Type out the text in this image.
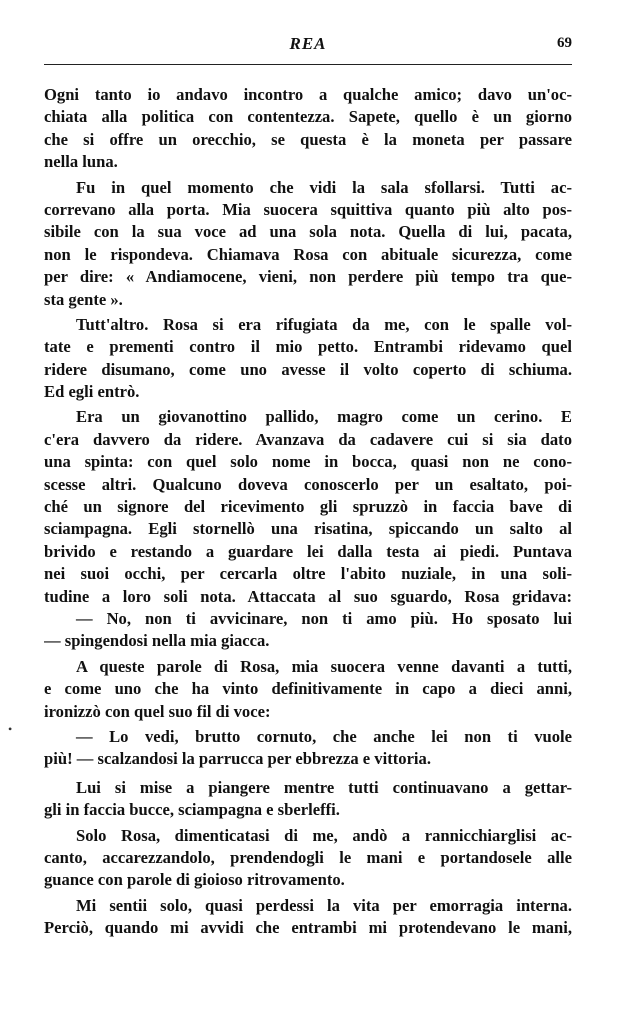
REA	69
Ogni tanto io andavo incontro a qualche amico; davo un'oc-
chiata alla politica con contentezza. Sapete, quello è un giorno
che si offre un orecchio, se questa è la moneta per passare
nella luna.
Fu in quel momento che vidi la sala sfollarsi. Tutti ac-
correvano alla porta. Mia suocera squittiva quanto più alto pos-
sibile con la sua voce ad una sola nota. Quella di lui, pacata,
non le rispondeva. Chiamava Rosa con abituale sicurezza, come
per dire: « Andiamocene, vieni, non perdere più tempo tra que-
sta gente ».
Tutt'altro. Rosa si era rifugiata da me, con le spalle vol-
tate e prementi contro il mio petto. Entrambi ridevamo quel
ridere disumano, come uno avesse il volto coperto di schiuma.
Ed egli entrò.
Era un giovanottino pallido, magro come un cerino. E
c'era davvero da ridere. Avanzava da cadavere cui si sia dato
una spinta: con quel solo nome in bocca, quasi non ne cono-
scesse altri. Qualcuno doveva conoscerlo per un esaltato, poi-
ché un signore del ricevimento gli spruzzò in faccia bave di
sciampagna. Egli stornellò una risatina, spiccando un salto al
brivido e restando a guardare lei dalla testa ai piedi. Puntava
nei suoi occhi, per cercarla oltre l'abito nuziale, in una soli-
tudine a loro soli nota. Attaccata al suo sguardo, Rosa gridava:
— No, non ti avvicinare, non ti amo più. Ho sposato lui
— spingendosi nella mia giacca.
A queste parole di Rosa, mia suocera venne davanti a tutti,
e come uno che ha vinto definitivamente in capo a dieci anni,
ironizzò con quel suo fil di voce:
— Lo vedi, brutto cornuto, che anche lei non ti vuole
più! — scalzandosi la parrucca per ebbrezza e vittoria.
Lui si mise a piangere mentre tutti continuavano a gettar-
gli in faccia bucce, sciampagna e sberleffi.
Solo Rosa, dimenticatasi di me, andò a rannicchiarglisi ac-
canto, accarezzandolo, prendendogli le mani e portandosele alle
guance con parole di gioioso ritrovamento.
Mi sentii solo, quasi perdessi la vita per emorragia interna.
Perciò, quando mi avvidi che entrambi mi protendevano le mani,
•
